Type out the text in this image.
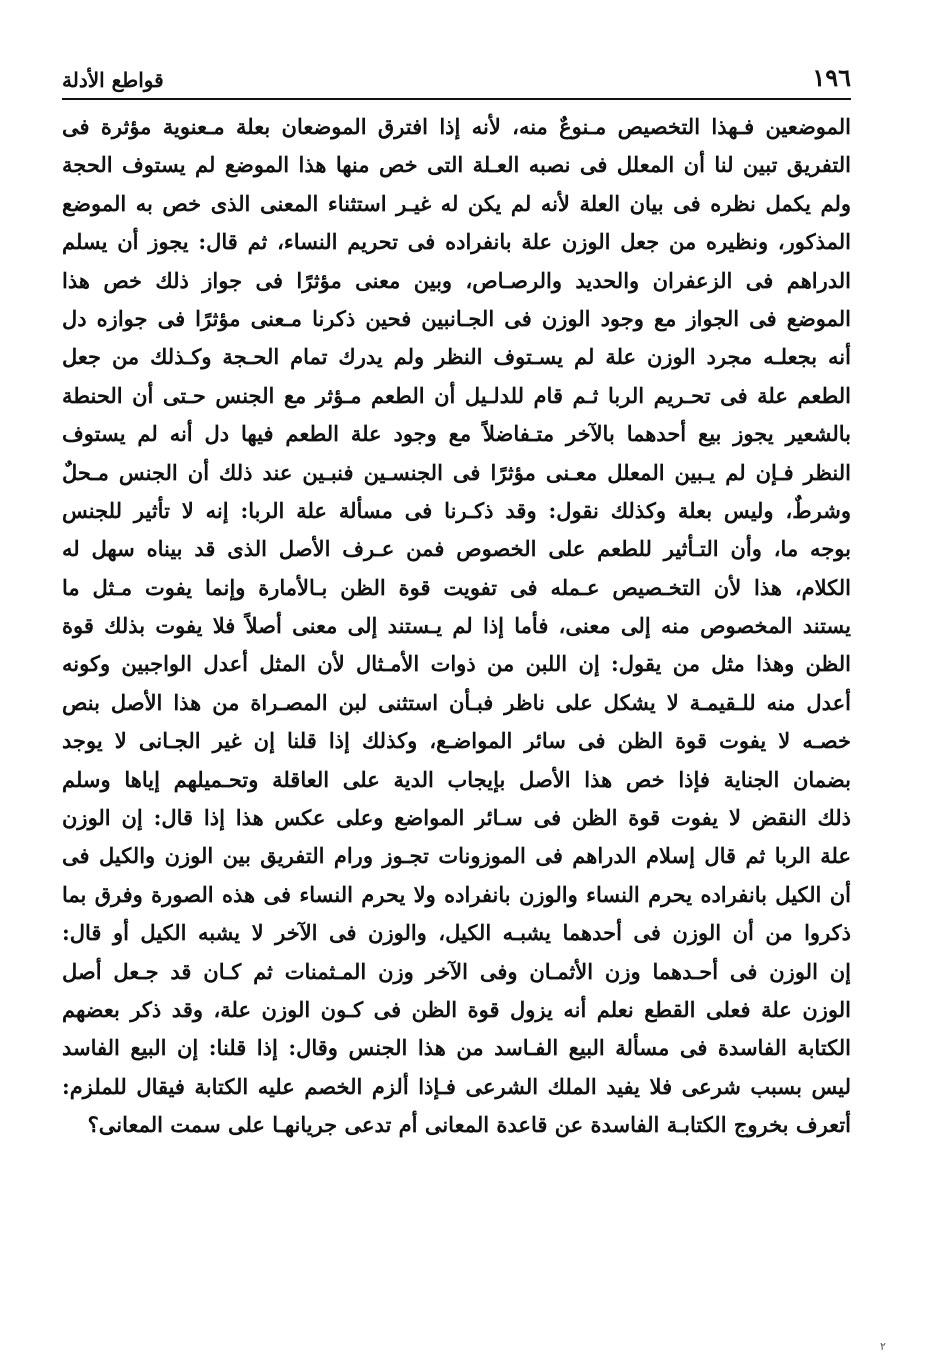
١٩٦
قواطع الأدلة
الموضعين فـهذا التخصيص مـنوعٌ منه، لأنه إذا افترق الموضعان بعلة مـعنوية مؤثرة فى
التفريق تبين لنا أن المعلل فى نصبه العـلة التى خص منها هذا الموضع لم يستوف الحجة
ولم يكمل نظره فى بيان العلة لأنه لم يكن له غيـر استثناء المعنى الذى خص به الموضع
المذكور، ونظيره من جعل الوزن علة بانفراده فى تحريم النساء، ثم قال: يجوز أن يسلم
الدراهم فى الزعفران والحديد والرصـاص، وبين معنى مؤثرًا فى جواز ذلك خص هذا
الموضع فى الجواز مع وجود الوزن فى الجـانبين فحين ذكرنا مـعنى مؤثرًا فى جوازه دل
أنه بجعلـه مجرد الوزن علة لم يسـتوف النظر ولم يدرك تمام الحـجة وكـذلك من جعل
الطعم علة فى تحـريم الربا ثـم قام للدلـيل أن الطعم مـؤثر مع الجنس حـتى أن الحنطة
بالشعير يجوز بيع أحدهما بالآخر متـفاضلاً مع وجود علة الطعم فيها دل أنه لم يستوف
النظر فـإن لم يـبين المعلل معـنى مؤثرًا فى الجنسـين فنبـين عند ذلك أن الجنس مـحلٌ
وشرطٌ، وليس بعلة وكذلك نقول: وقد ذكـرنا فى مسألة علة الربا: إنه لا تأثير للجنس
بوجه ما، وأن التـأثير للطعم على الخصوص فمن عـرف الأصل الذى قد بيناه سهل له
الكلام، هذا لأن التخـصيص عـمله فى تفويت قوة الظن بـالأمارة وإنما يفوت مـثل ما
يستند المخصوص منه إلى معنى، فأما إذا لم يـستند إلى معنى أصلاً فلا يفوت بذلك قوة
الظن وهذا مثل من يقول: إن اللبن من ذوات الأمـثال لأن المثل أعدل الواجبين وكونه
أعدل منه للـقيمـة لا يشكل على ناظر فبـأن استثنى لبن المصـراة من هذا الأصل بنص
خصـه لا يفوت قوة الظن فى سائر المواضـع، وكذلك إذا قلنا إن غير الجـانى لا يوجد
بضمان الجناية فإذا خص هذا الأصل بإيجاب الدية على العاقلة وتحـميلهم إياها وسلم
ذلك النقض لا يفوت قوة الظن فى سـائر المواضع وعلى عكس هذا إذا قال: إن الوزن
علة الربا ثم قال إسلام الدراهم فى الموزونات تجـوز ورام التفريق بين الوزن والكيل فى
أن الكيل بانفراده يحرم النساء والوزن بانفراده ولا يحرم النساء فى هذه الصورة وفرق بما
ذكروا من أن الوزن فى أحدهما يشبـه الكيل، والوزن فى الآخر لا يشبه الكيل أو قال:
إن الوزن فى أحـدهما وزن الأثمـان وفى الآخر وزن المـثمنات ثم كـان قد جـعل أصل
الوزن علة فعلى القطع نعلم أنه يزول قوة الظن فى كـون الوزن علة، وقد ذكر بعضهم
الكتابة الفاسدة فى مسألة البيع الفـاسد من هذا الجنس وقال: إذا قلنا: إن البيع الفاسد
ليس بسبب شرعى فلا يفيد الملك الشرعى فـإذا ألزم الخصم عليه الكتابة فيقال للملزم:
أتعرف بخروج الكتابـة الفاسدة عن قاعدة المعانى أم تدعى جريانهـا على سمت المعانى؟
٢
